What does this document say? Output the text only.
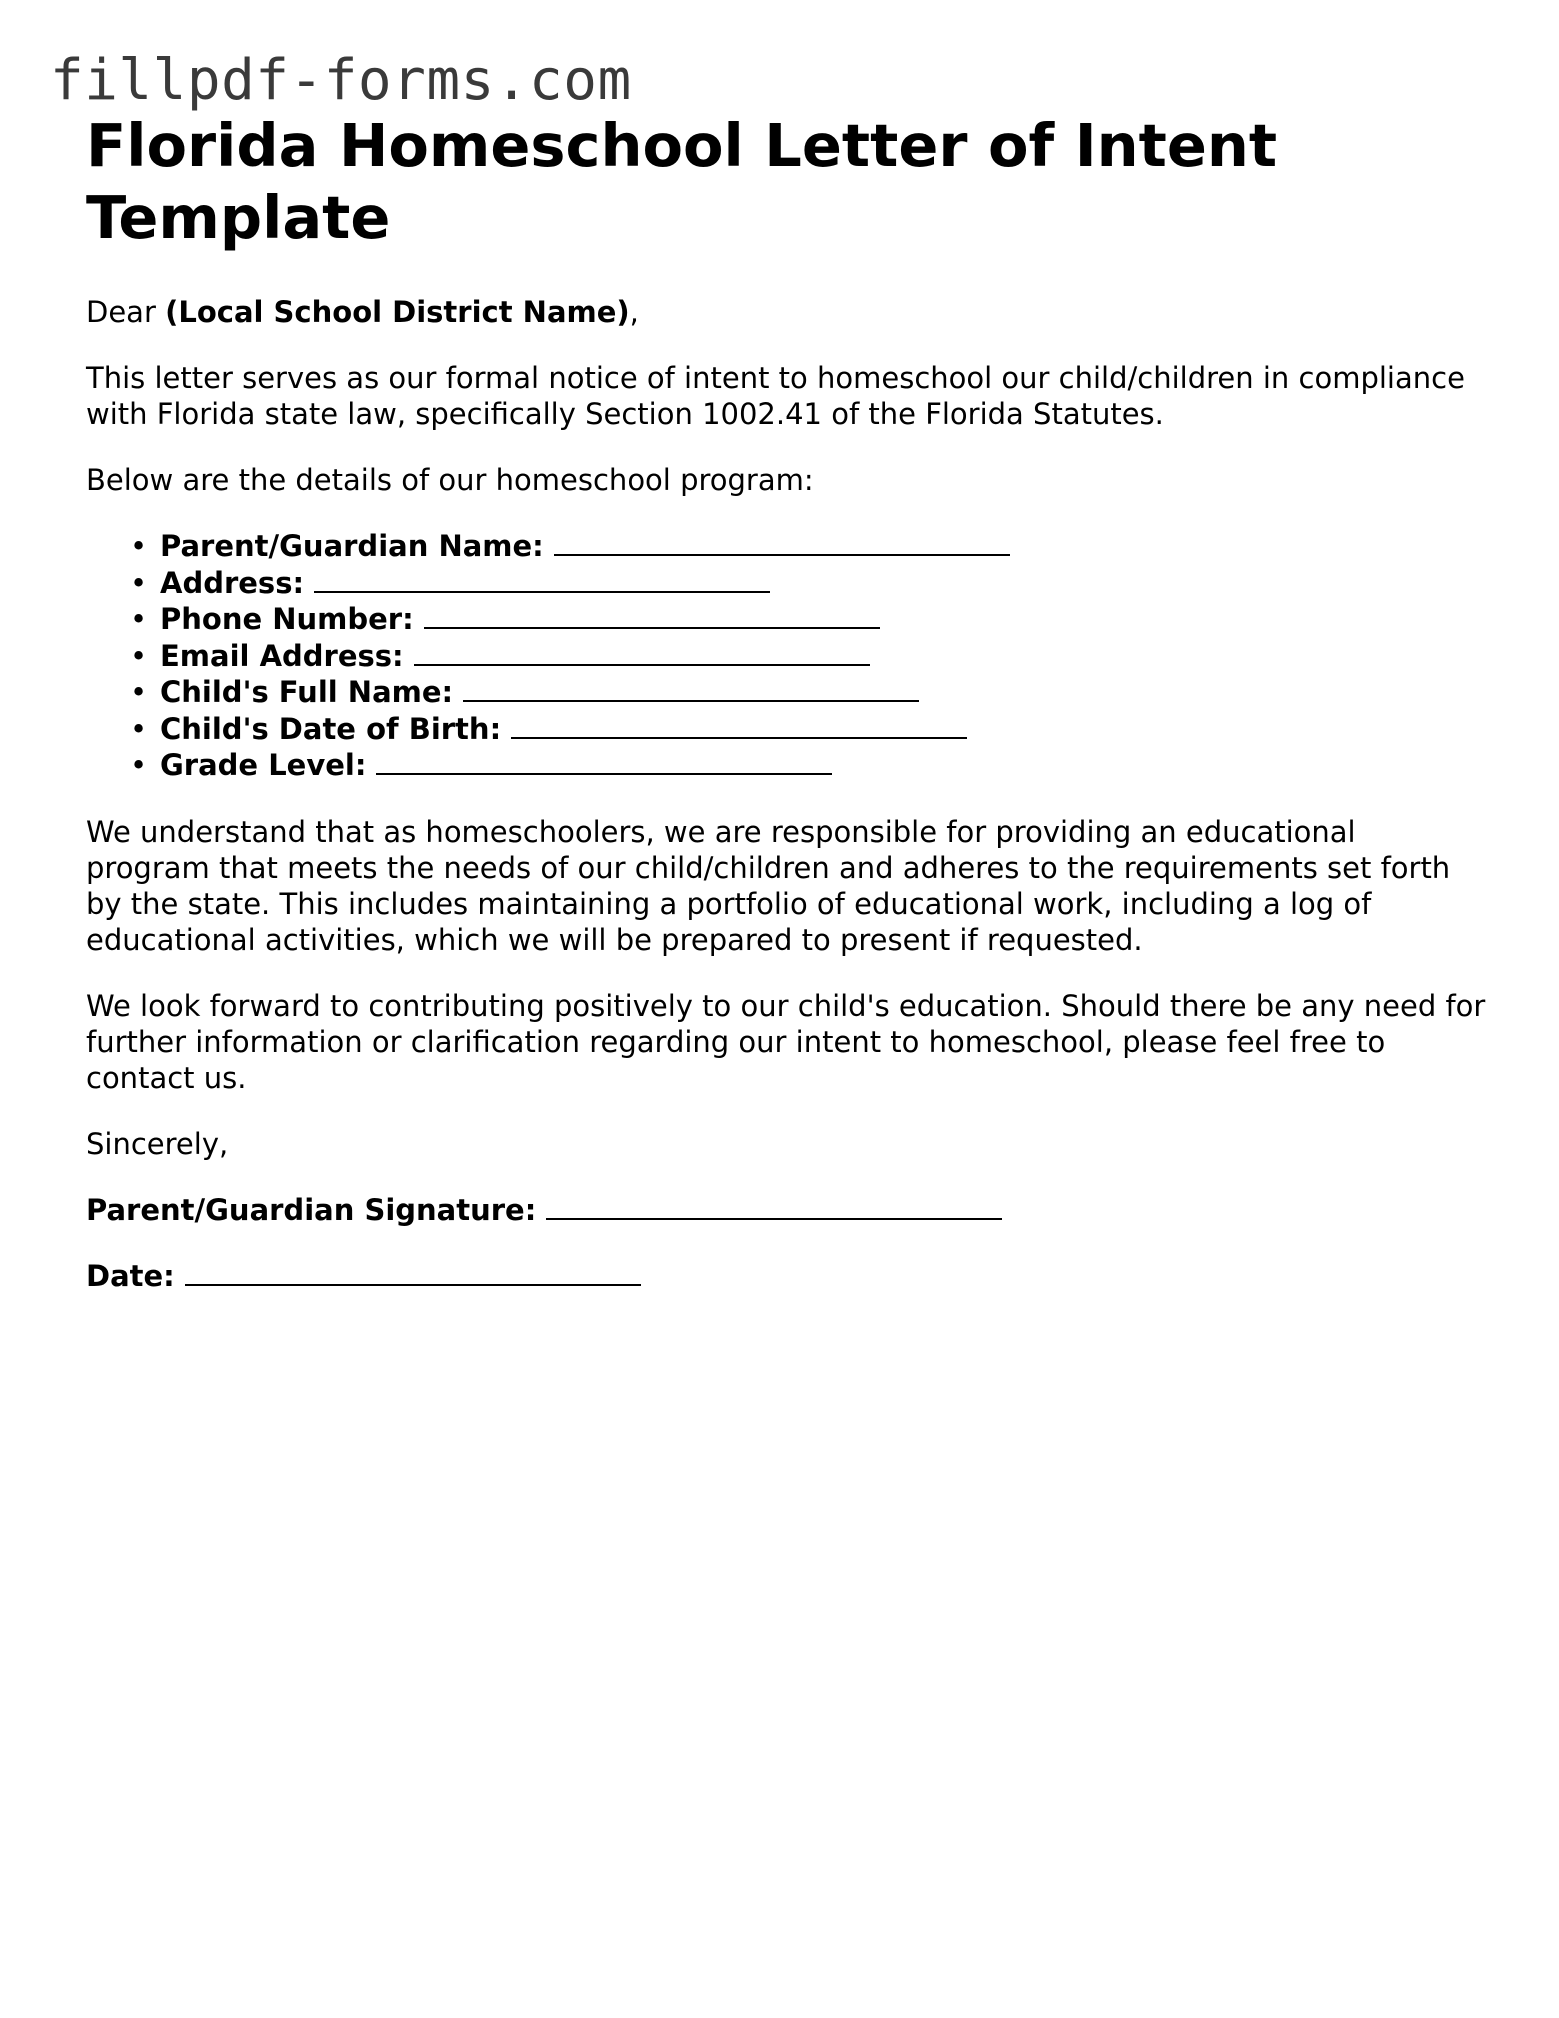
fillpdf-forms.com
Florida Homeschool Letter of Intent Template

Dear (Local School District Name),

This letter serves as our formal notice of intent to homeschool our child/children in compliance with Florida state law, specifically Section 1002.41 of the Florida Statutes.

Below are the details of our homeschool program:

• Parent/Guardian Name:
• Address:
• Phone Number:
• Email Address:
• Child's Full Name:
• Child's Date of Birth:
• Grade Level:

We understand that as homeschoolers, we are responsible for providing an educational program that meets the needs of our child/children and adheres to the requirements set forth by the state. This includes maintaining a portfolio of educational work, including a log of educational activities, which we will be prepared to present if requested.

We look forward to contributing positively to our child's education. Should there be any need for further information or clarification regarding our intent to homeschool, please feel free to contact us.

Sincerely,

Parent/Guardian Signature:

Date:
